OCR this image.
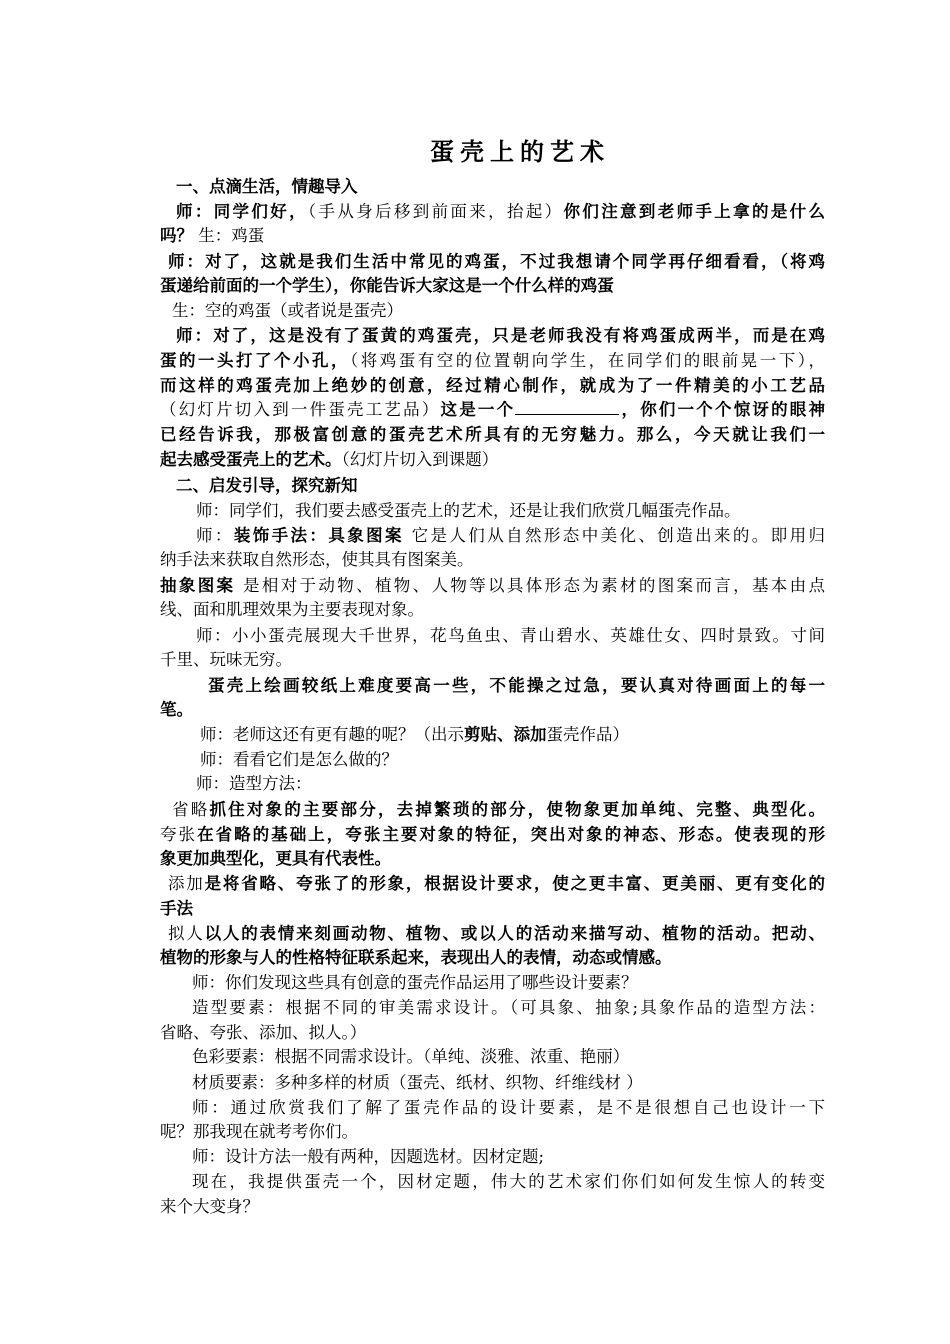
蛋壳上的艺术
一、点滴生活，情趣导入
师：同学们好，（手从身后移到前面来，抬起）你们注意到老师手上拿的是什么
吗？ 生：鸡蛋
师：对了，这就是我们生活中常见的鸡蛋，不过我想请个同学再仔细看看，（将鸡
蛋递给前面的一个学生），你能告诉大家这是一个什么样的鸡蛋
生：空的鸡蛋（或者说是蛋壳）
师：对了，这是没有了蛋黄的鸡蛋壳，只是老师我没有将鸡蛋成两半，而是在鸡
蛋的一头打了个小孔，（将鸡蛋有空的位置朝向学生，在同学们的眼前晃一下），
而这样的鸡蛋壳加上绝妙的创意，经过精心制作，就成为了一件精美的小工艺品
（幻灯片切入到一件蛋壳工艺品）这是一个	，你们一个个惊讶的眼神
已经告诉我，那极富创意的蛋壳艺术所具有的无穷魅力。那么，今天就让我们一
起去感受蛋壳上的艺术。（幻灯片切入到课题）
二、启发引导，探究新知
师：同学们，我们要去感受蛋壳上的艺术，还是让我们欣赏几幅蛋壳作品。
师：装饰手法：具象图案 它是人们从自然形态中美化、创造出来的。即用归
纳手法来获取自然形态，使其具有图案美。
抽象图案 是相对于动物、植物、人物等以具体形态为素材的图案而言，基本由点
线、面和肌理效果为主要表现对象。
师：小小蛋壳展现大千世界，花鸟鱼虫、青山碧水、英雄仕女、四时景致。寸间
千里、玩味无穷。
蛋壳上绘画较纸上难度要高一些，不能操之过急，要认真对待画面上的每一
笔。
师：老师这还有更有趣的呢？（出示剪贴、添加蛋壳作品）
师：看看它们是怎么做的？
师：造型方法：
省略抓住对象的主要部分，去掉繁琐的部分，使物象更加单纯、完整、典型化。
夸张在省略的基础上，夸张主要对象的特征，突出对象的神态、形态。使表现的形
象更加典型化，更具有代表性。
添加是将省略、夸张了的形象，根据设计要求，使之更丰富、更美丽、更有变化的
手法
拟人以人的表情来刻画动物、植物、或以人的活动来描写动、植物的活动。把动、
植物的形象与人的性格特征联系起来，表现出人的表情，动态或情感。
师：你们发现这些具有创意的蛋壳作品运用了哪些设计要素？
造型要素：根据不同的审美需求设计。（可具象、抽象;具象作品的造型方法：
省略、夸张、添加、拟人。）
色彩要素：根据不同需求设计。（单纯、淡雅、浓重、艳丽）
材质要素：多种多样的材质（蛋壳、纸材、织物、纤维线材 ）
师：通过欣赏我们了解了蛋壳作品的设计要素，是不是很想自己也设计一下
呢？那我现在就考考你们。
师：设计方法一般有两种，因题选材。因材定题;
现在，我提供蛋壳一个，因材定题，伟大的艺术家们你们如何发生惊人的转变
来个大变身？
